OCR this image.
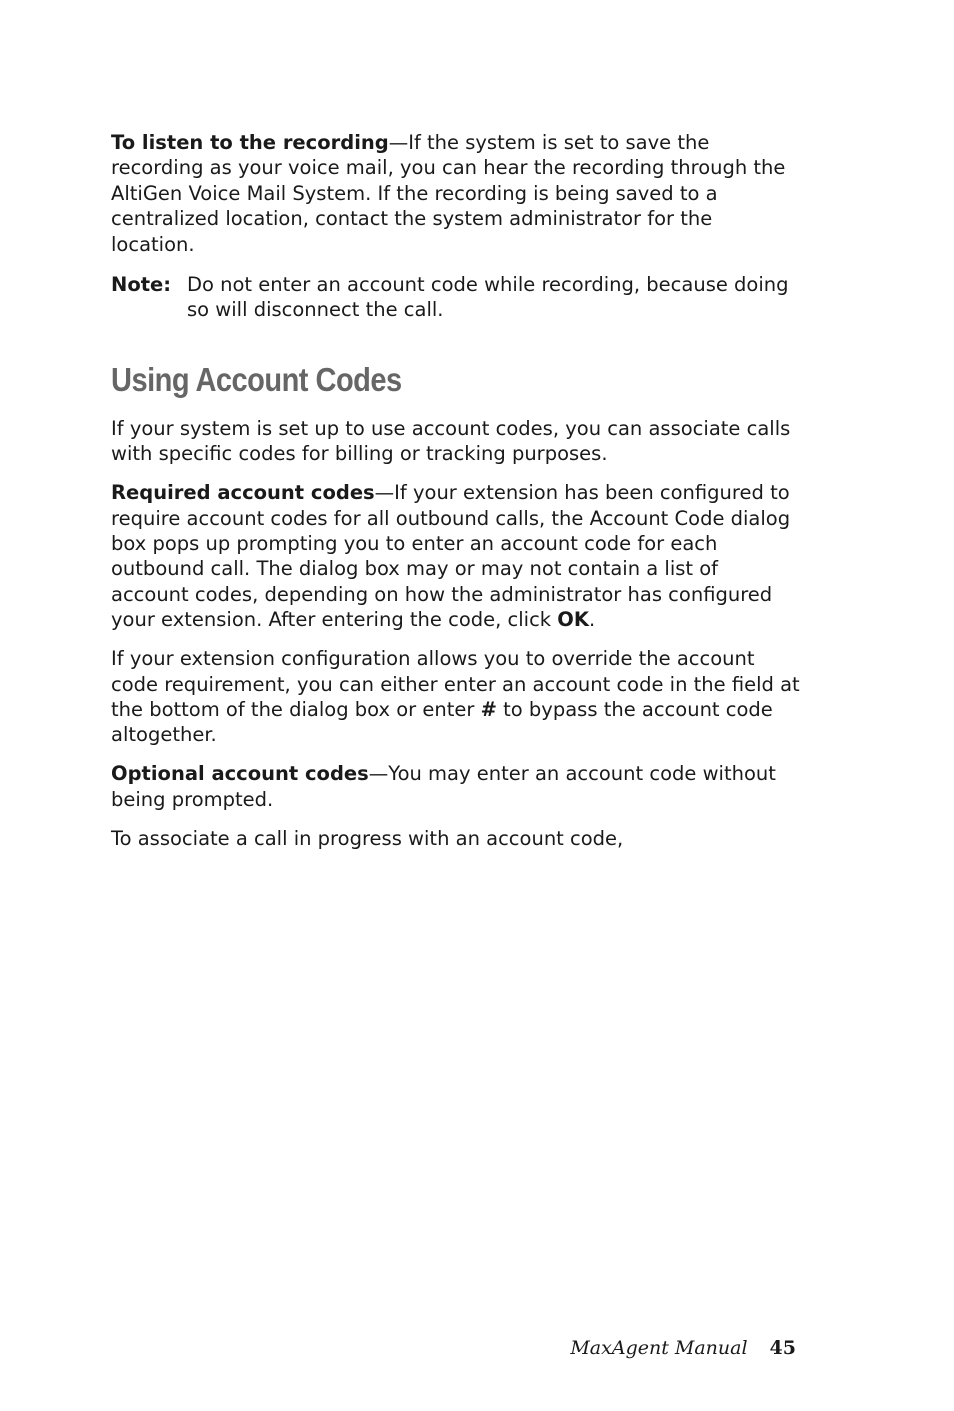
To listen to the recording—If the system is set to save the recording as your voice mail, you can hear the recording through the AltiGen Voice Mail System. If the recording is being saved to a centralized location, contact the system administrator for the location.

Note: Do not enter an account code while recording, because doing so will disconnect the call.
Using Account Codes

If your system is set up to use account codes, you can associate calls with specific codes for billing or tracking purposes.

Required account codes—If your extension has been configured to require account codes for all outbound calls, the Account Code dialog box pops up prompting you to enter an account code for each outbound call. The dialog box may or may not contain a list of account codes, depending on how the administrator has configured your extension. After entering the code, click OK.

If your extension configuration allows you to override the account code requirement, you can either enter an account code in the field at the bottom of the dialog box or enter # to bypass the account code altogether.

Optional account codes—You may enter an account code without being prompted.

To associate a call in progress with an account code,

MaxAgent Manual 45
